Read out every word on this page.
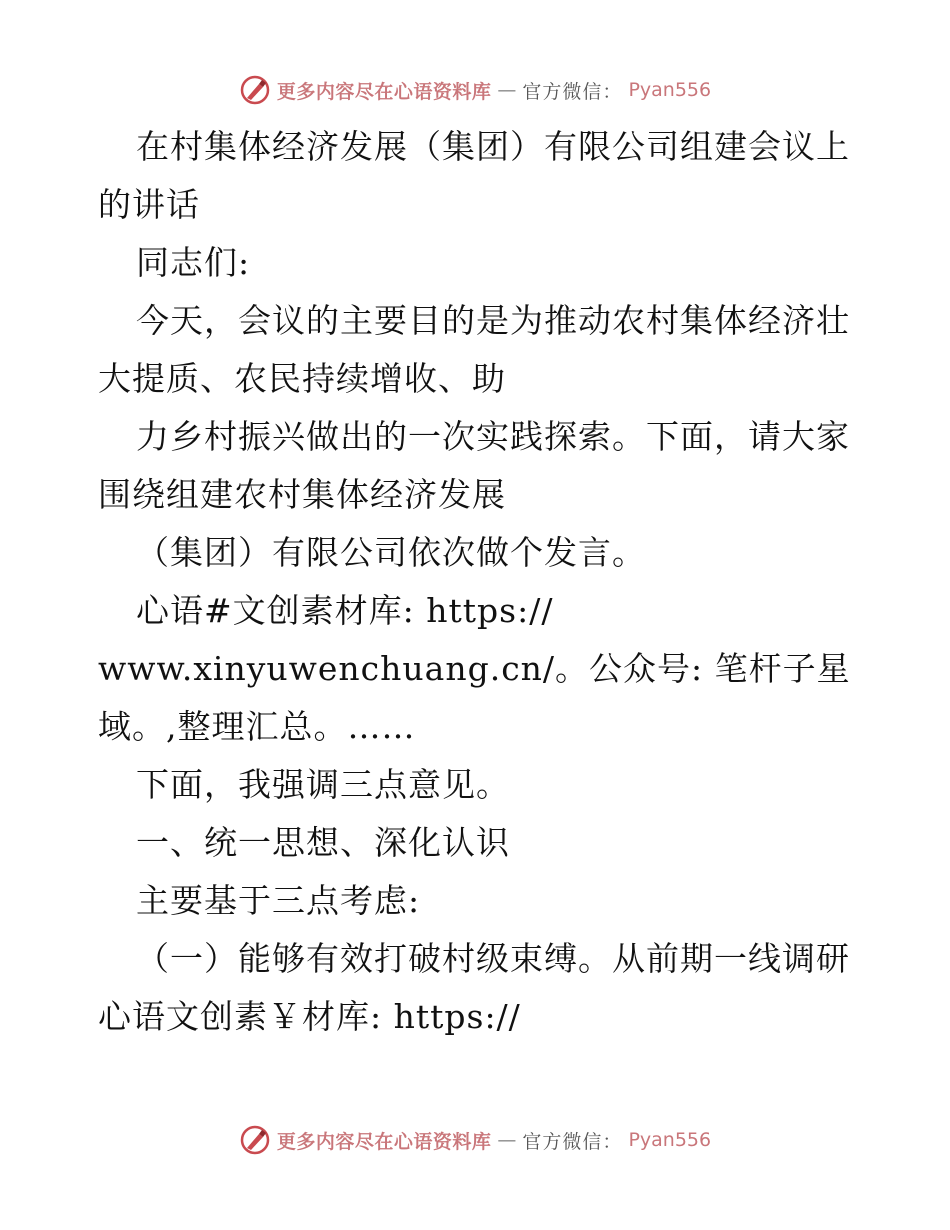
更多内容尽在心语资料库 — 官方微信： Pyan556
在村集体经济发展（集团）有限公司组建会议上
的讲话
同志们:
今天，会议的主要目的是为推动农村集体经济壮
大提质、农民持续增收、助
力乡村振兴做出的一次实践探索。下面，请大家
围绕组建农村集体经济发展
（集团）有限公司依次做个发言。
心语#文创素材库: https://
www.xinyuwenchuang.cn/。公众号: 笔杆子星
域。,整理汇总。……
下面，我强调三点意见。
一、统一思想、深化认识
主要基于三点考虑:
（一）能够有效打破村级束缚。从前期一线调研
心语文创素￥材库: https://
更多内容尽在心语资料库 — 官方微信： Pyan556
